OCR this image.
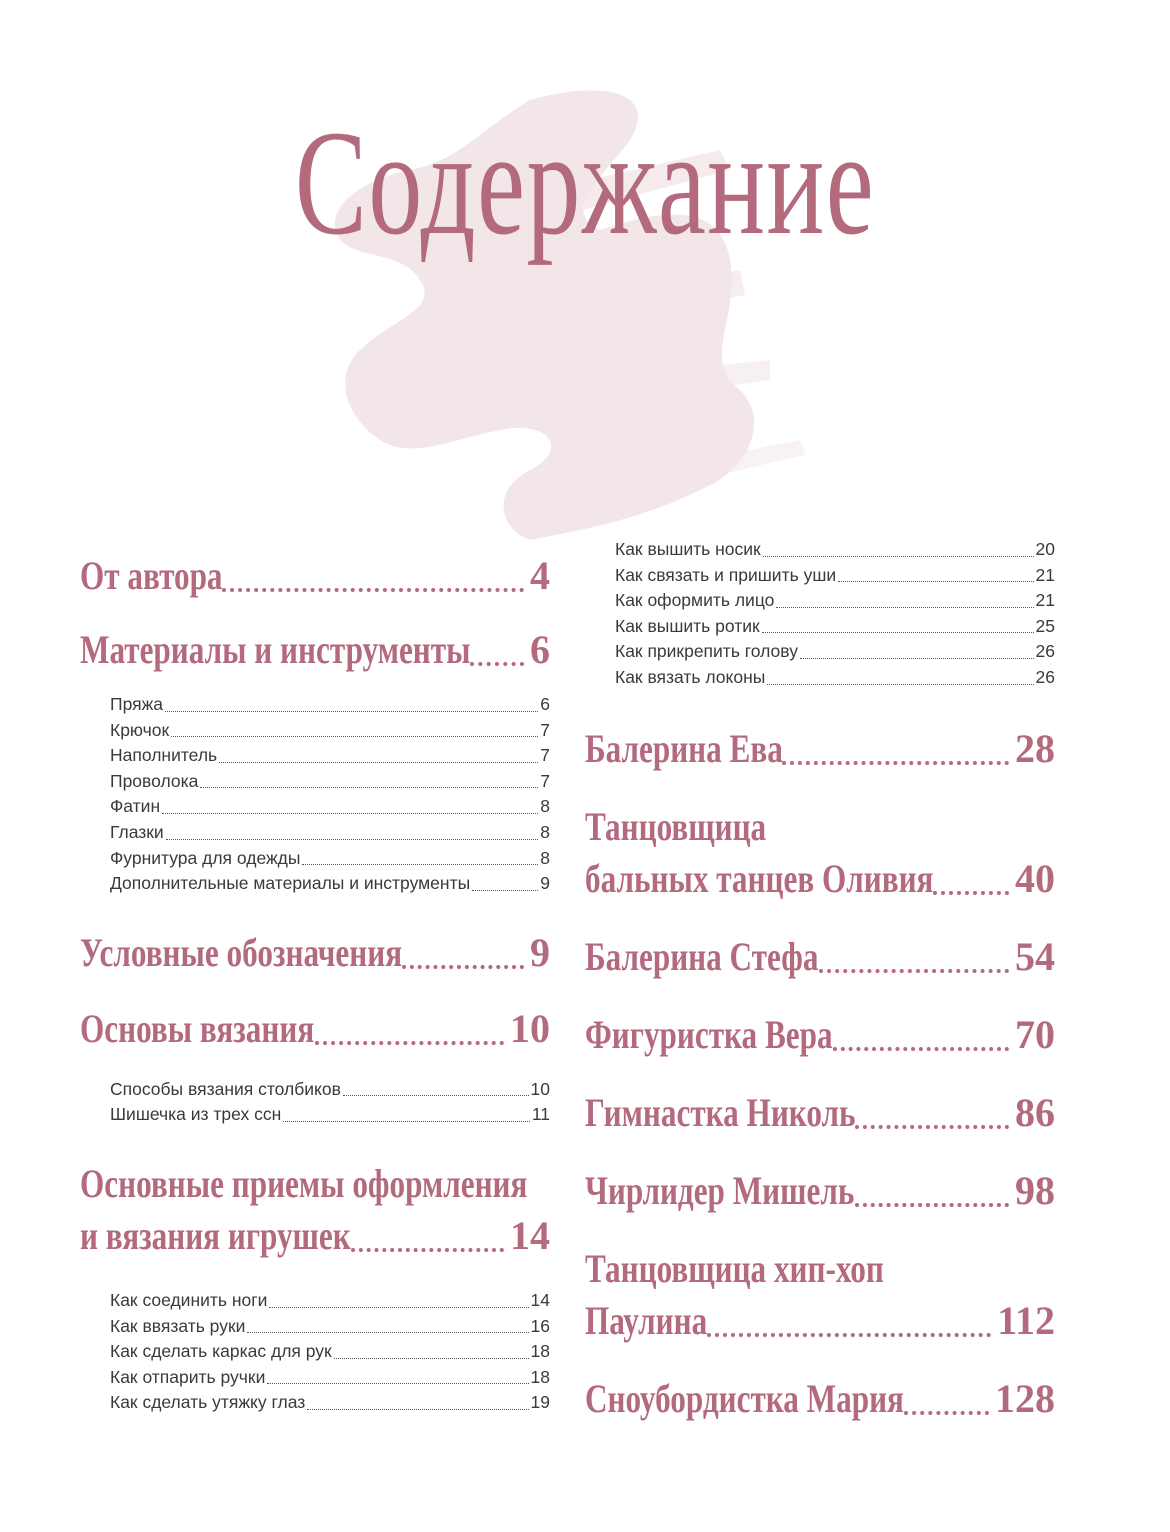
Содержание
От автора	4
Материалы и инструменты 6
Пряжа	6
Крючок	7
Наполнитель	7
Проволока	7
Фатин	8
Глазки	8
Фурнитура для одежды	8
Дополнительные материалы и инструменты	9
Условные обозначения	9
Основы вязания	10
Способы вязания столбиков	10
Шишечка из трех ссн	11
Основные приемы оформления
и вязания игрушек	14
Как соединить ноги	14
Как ввязать руки	16
Как сделать каркас для рук	18
Как отпарить ручки	18
Как сделать утяжку глаз	19
Как вышить носик	20
Как связать и пришить уши	21
Как оформить лицо	21
Как вышить ротик	25
Как прикрепить голову	26
Как вязать локоны	26
Балерина Ева	28
Танцовщица
бальных танцев Оливия 40
Балерина Стефа	54
Фигуристка Вера	70
Гимнастка Николь	86
Чирлидер Мишель	98
Танцовщица хип-хоп
Паулина	112
Сноубордистка Мария 128
